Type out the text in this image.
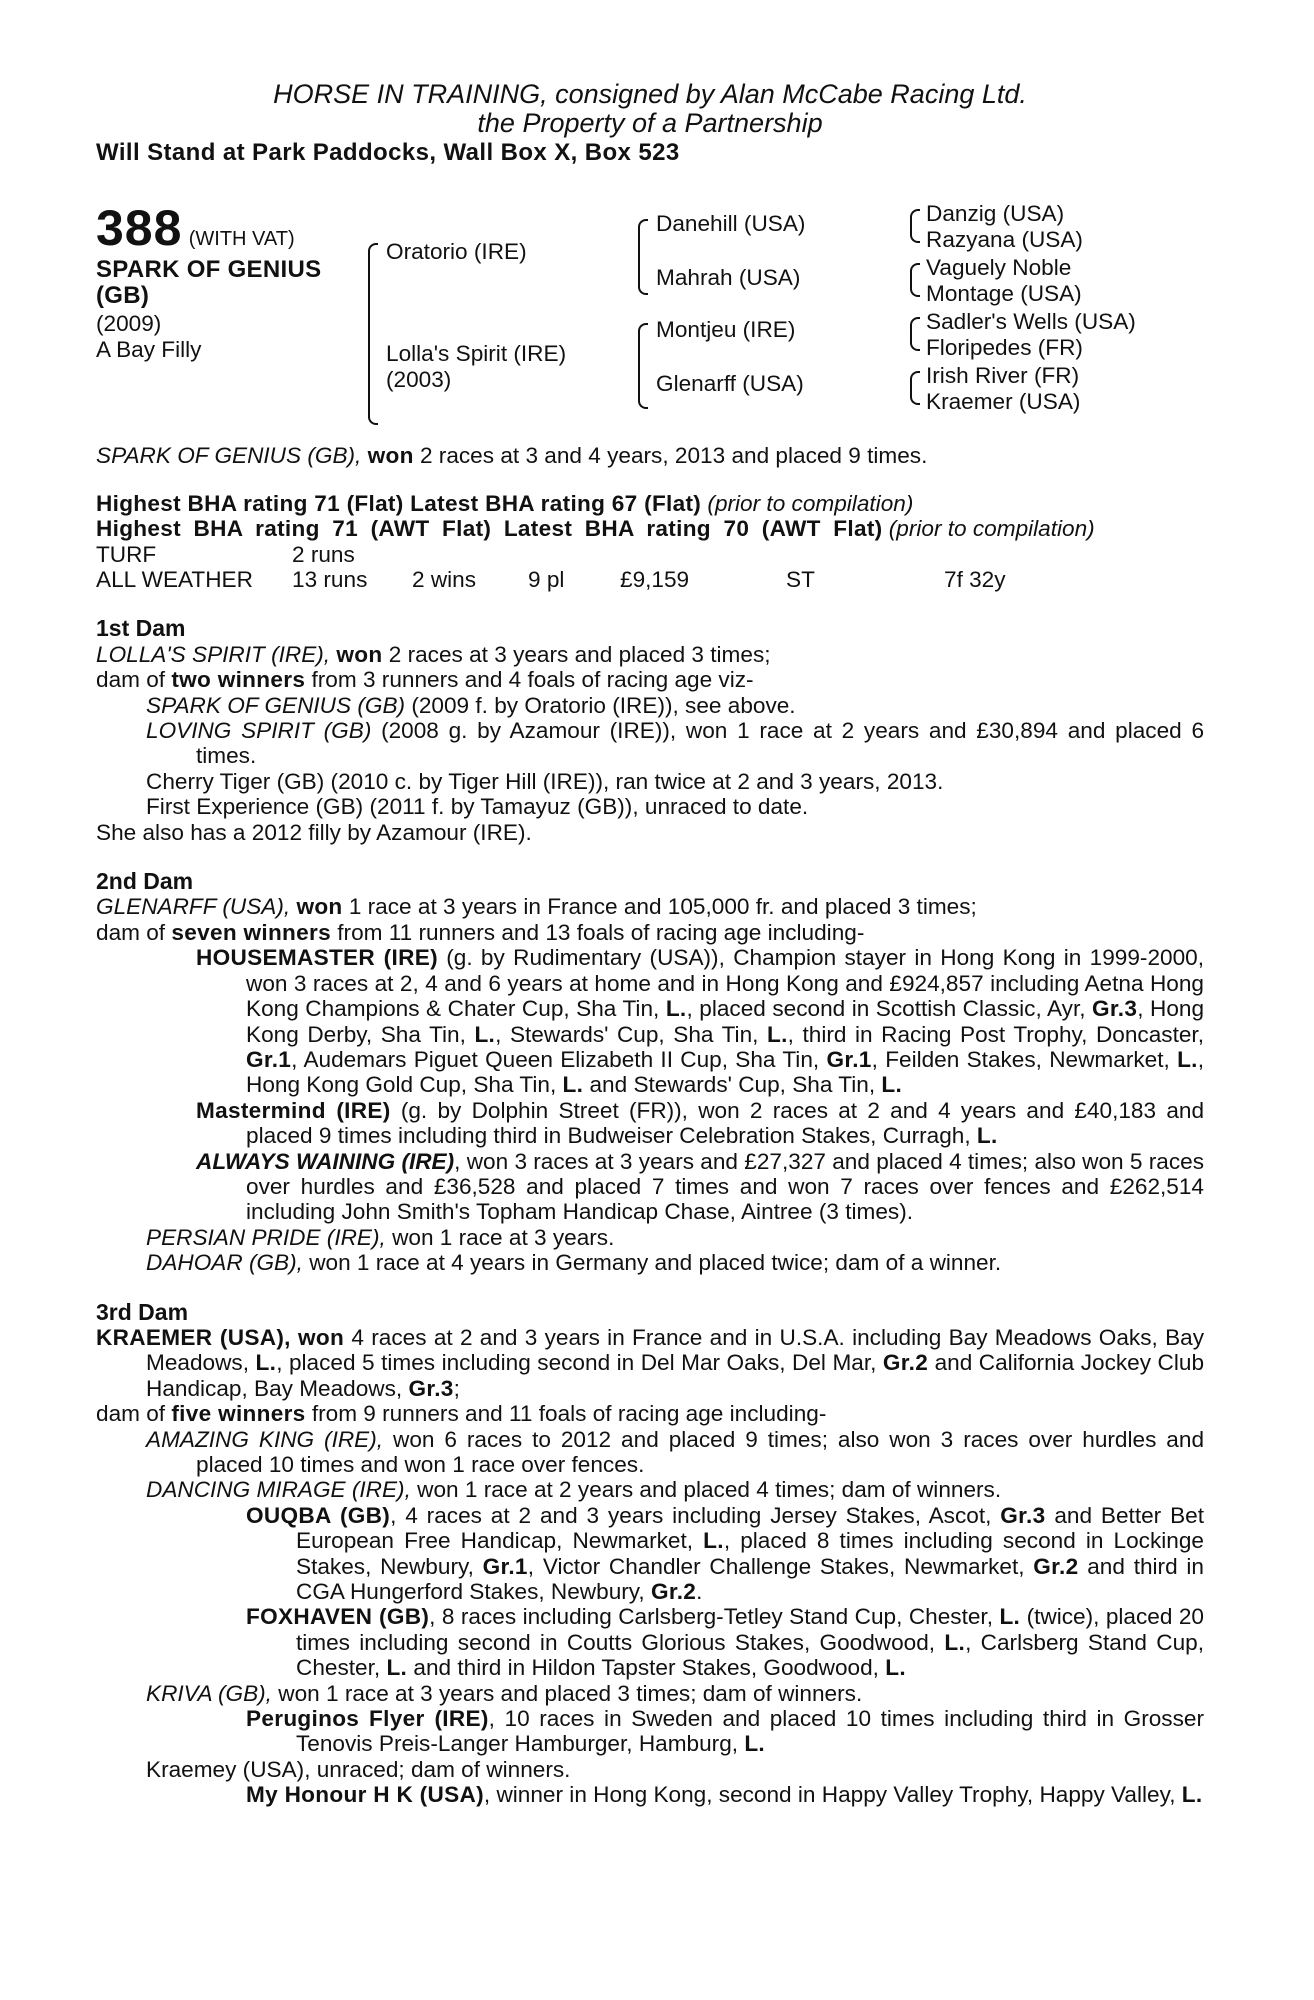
HORSE IN TRAINING, consigned by Alan McCabe Racing Ltd.
the Property of a Partnership
Will Stand at Park Paddocks, Wall Box X, Box 523
388 (WITH VAT)
SPARK OF GENIUS
(GB)
(2009)
A Bay Filly
Oratorio (IRE)
Lolla's Spirit (IRE)
(2003)
Danehill (USA)
Mahrah (USA)
Montjeu (IRE)
Glenarff (USA)
Danzig (USA)
Razyana (USA)
Vaguely Noble
Montage (USA)
Sadler's Wells (USA)
Floripedes (FR)
Irish River (FR)
Kraemer (USA)

SPARK OF GENIUS (GB), won 2 races at 3 and 4 years, 2013 and placed 9 times.

Highest BHA rating 71 (Flat) Latest BHA rating 67 (Flat) (prior to compilation)

Highest BHA rating 71 (AWT Flat) Latest BHA rating 70 (AWT Flat) (prior to compilation)

TURF	2 runs
ALL WEATHER 13 runs 2 wins 9 pl £9,159	ST	7f 32y
1st Dam

LOLLA'S SPIRIT (IRE), won 2 races at 3 years and placed 3 times;

dam of two winners from 3 runners and 4 foals of racing age viz-

SPARK OF GENIUS (GB) (2009 f. by Oratorio (IRE)), see above.

LOVING SPIRIT (GB) (2008 g. by Azamour (IRE)), won 1 race at 2 years and £30,894 and placed 6 times.

Cherry Tiger (GB) (2010 c. by Tiger Hill (IRE)), ran twice at 2 and 3 years, 2013.

First Experience (GB) (2011 f. by Tamayuz (GB)), unraced to date.

She also has a 2012 filly by Azamour (IRE).

2nd Dam

GLENARFF (USA), won 1 race at 3 years in France and 105,000 fr. and placed 3 times;

dam of seven winners from 11 runners and 13 foals of racing age including-

HOUSEMASTER (IRE) (g. by Rudimentary (USA)), Champion stayer in Hong Kong in 1999-2000, won 3 races at 2, 4 and 6 years at home and in Hong Kong and £924,857 including Aetna Hong Kong Champions & Chater Cup, Sha Tin, L., placed second in Scottish Classic, Ayr, Gr.3, Hong Kong Derby, Sha Tin, L., Stewards' Cup, Sha Tin, L., third in Racing Post Trophy, Doncaster, Gr.1, Audemars Piguet Queen Elizabeth II Cup, Sha Tin, Gr.1, Feilden Stakes, Newmarket, L., Hong Kong Gold Cup, Sha Tin, L. and Stewards' Cup, Sha Tin, L.

Mastermind (IRE) (g. by Dolphin Street (FR)), won 2 races at 2 and 4 years and £40,183 and placed 9 times including third in Budweiser Celebration Stakes, Curragh, L.

ALWAYS WAINING (IRE), won 3 races at 3 years and £27,327 and placed 4 times; also won 5 races over hurdles and £36,528 and placed 7 times and won 7 races over fences and £262,514 including John Smith's Topham Handicap Chase, Aintree (3 times).

PERSIAN PRIDE (IRE), won 1 race at 3 years.

DAHOAR (GB), won 1 race at 4 years in Germany and placed twice; dam of a winner.

3rd Dam

KRAEMER (USA), won 4 races at 2 and 3 years in France and in U.S.A. including Bay Meadows Oaks, Bay Meadows, L., placed 5 times including second in Del Mar Oaks, Del Mar, Gr.2 and California Jockey Club Handicap, Bay Meadows, Gr.3;

dam of five winners from 9 runners and 11 foals of racing age including-

AMAZING KING (IRE), won 6 races to 2012 and placed 9 times; also won 3 races over hurdles and placed 10 times and won 1 race over fences.

DANCING MIRAGE (IRE), won 1 race at 2 years and placed 4 times; dam of winners.

OUQBA (GB), 4 races at 2 and 3 years including Jersey Stakes, Ascot, Gr.3 and Better Bet European Free Handicap, Newmarket, L., placed 8 times including second in Lockinge Stakes, Newbury, Gr.1, Victor Chandler Challenge Stakes, Newmarket, Gr.2 and third in CGA Hungerford Stakes, Newbury, Gr.2.

FOXHAVEN (GB), 8 races including Carlsberg-Tetley Stand Cup, Chester, L. (twice), placed 20 times including second in Coutts Glorious Stakes, Goodwood, L., Carlsberg Stand Cup, Chester, L. and third in Hildon Tapster Stakes, Goodwood, L.

KRIVA (GB), won 1 race at 3 years and placed 3 times; dam of winners.

Peruginos Flyer (IRE), 10 races in Sweden and placed 10 times including third in Grosser Tenovis Preis-Langer Hamburger, Hamburg, L.

Kraemey (USA), unraced; dam of winners.

My Honour H K (USA), winner in Hong Kong, second in Happy Valley Trophy, Happy Valley, L.
